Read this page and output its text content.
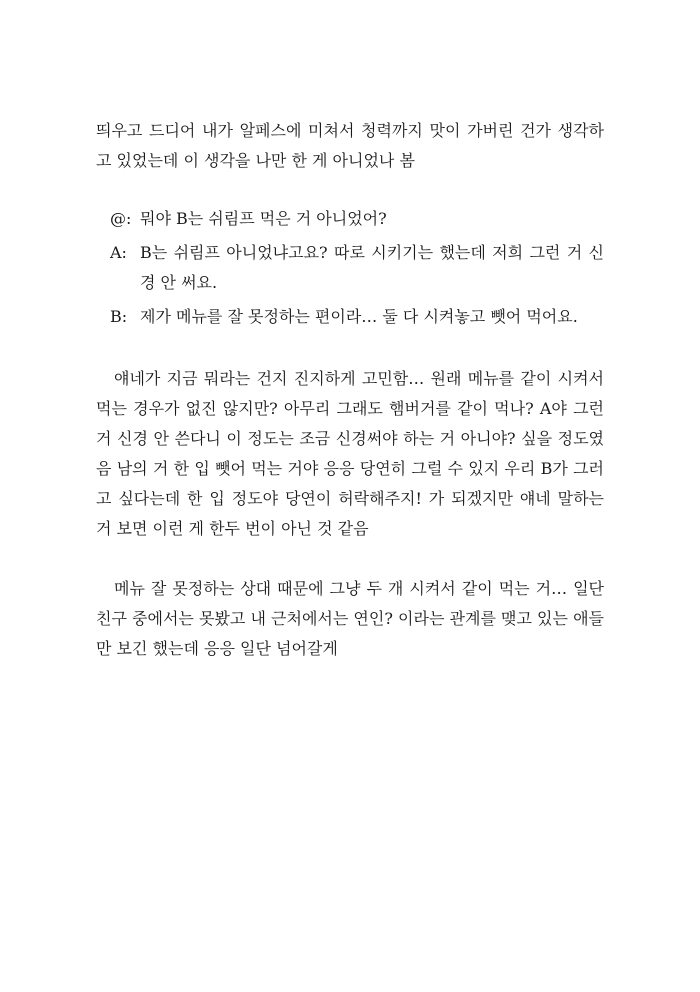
띄우고 드디어 내가 알페스에 미쳐서 청력까지 맛이 가버린 건가 생각하고 있었는데 이 생각을 나만 한 게 아니었나 봄

@: 뭐야 B는 쉬림프 먹은 거 아니었어?
A: B는 쉬림프 아니었냐고요? 따로 시키기는 했는데 저희 그런 거 신경 안 써요.
B: 제가 메뉴를 잘 못정하는 편이라… 둘 다 시켜놓고 뺏어 먹어요.

얘네가 지금 뭐라는 건지 진지하게 고민함… 원래 메뉴를 같이 시켜서 먹는 경우가 없진 않지만? 아무리 그래도 햄버거를 같이 먹나? A야 그런 거 신경 안 쓴다니 이 정도는 조금 신경써야 하는 거 아니야? 싶을 정도였음 남의 거 한 입 뺏어 먹는 거야 응응 당연히 그럴 수 있지 우리 B가 그러고 싶다는데 한 입 정도야 당연이 허락해주지! 가 되겠지만 얘네 말하는 거 보면 이런 게 한두 번이 아닌 것 같음

메뉴 잘 못정하는 상대 때문에 그냥 두 개 시켜서 같이 먹는 거… 일단 친구 중에서는 못봤고 내 근처에서는 연인? 이라는 관계를 맺고 있는 애들만 보긴 했는데 응응 일단 넘어갈게
